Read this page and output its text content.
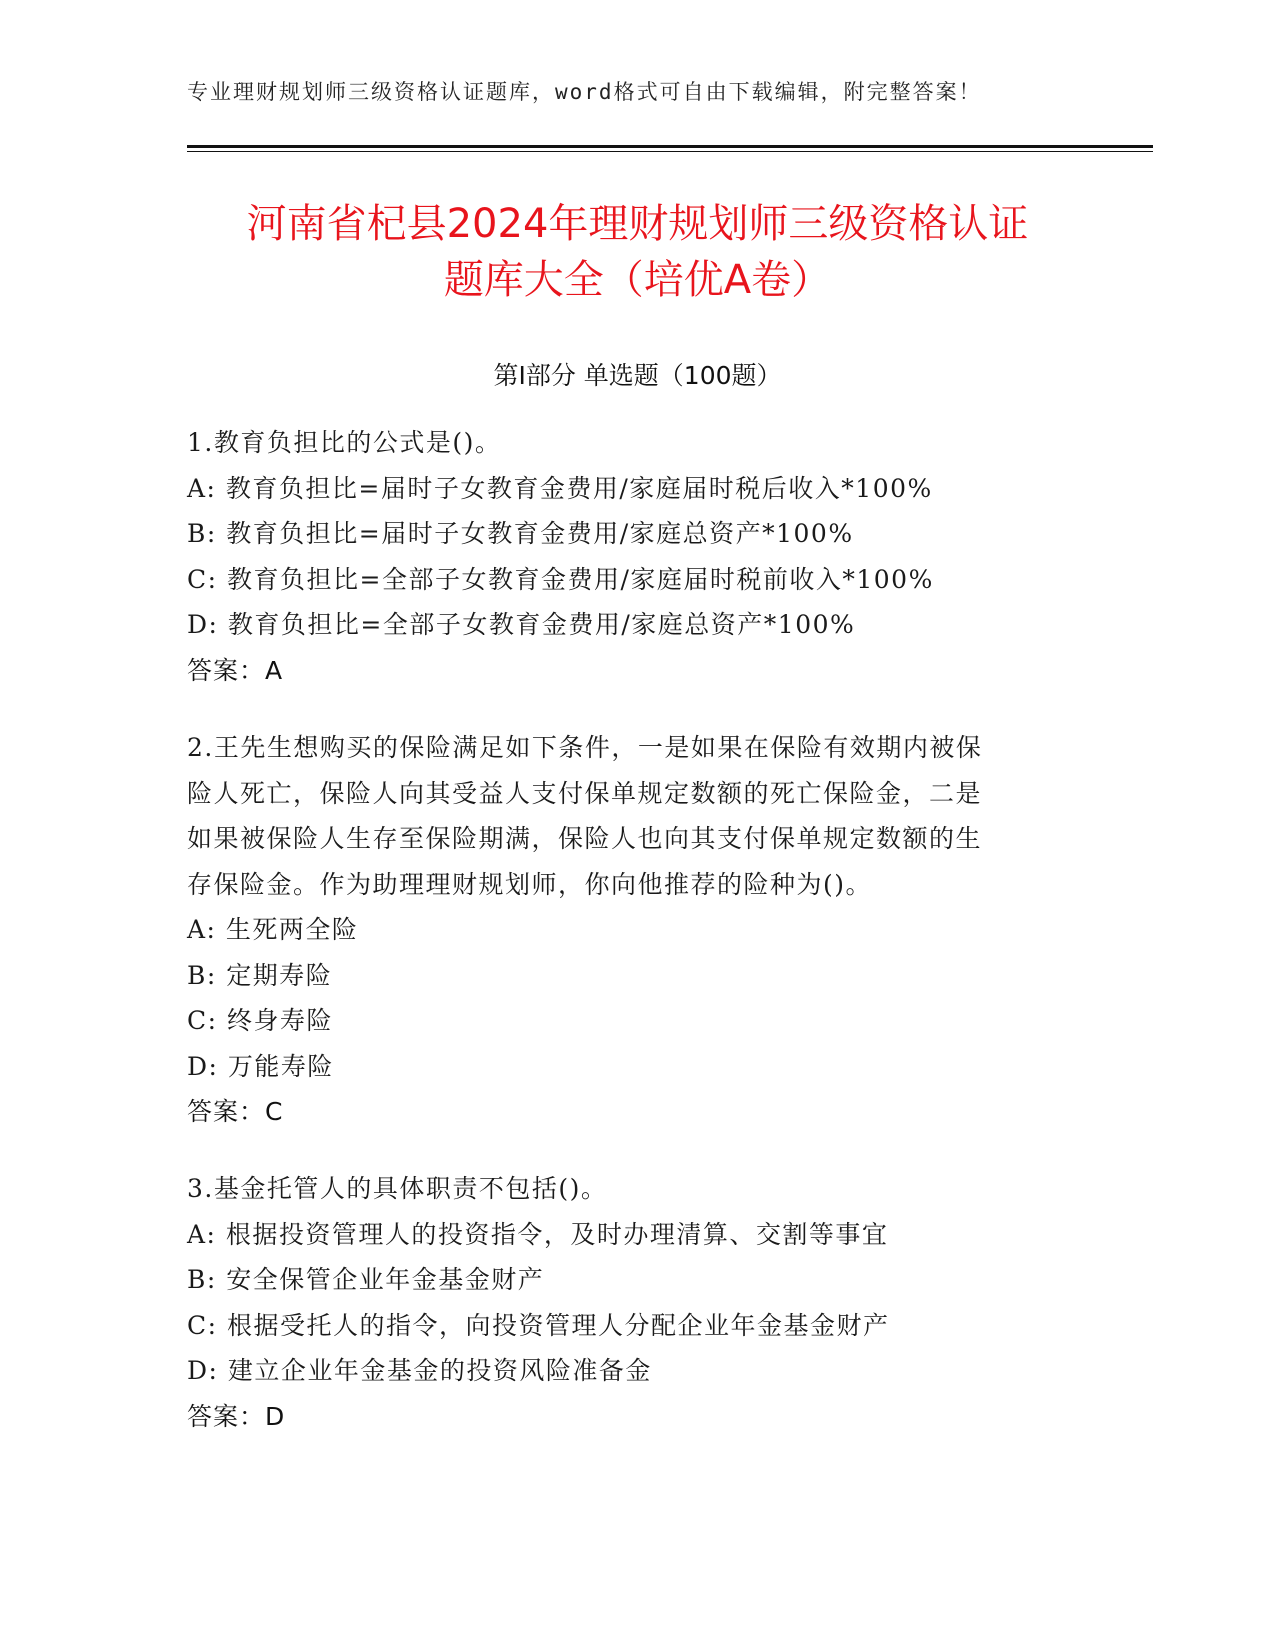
专业理财规划师三级资格认证题库，word格式可自由下载编辑，附完整答案！
河南省杞县2024年理财规划师三级资格认证
题库大全（培优A卷）
第I部分 单选题（100题）
1.教育负担比的公式是()。
A: 教育负担比=届时子女教育金费用/家庭届时税后收入*100%
B: 教育负担比=届时子女教育金费用/家庭总资产*100%
C: 教育负担比=全部子女教育金费用/家庭届时税前收入*100%
D: 教育负担比=全部子女教育金费用/家庭总资产*100%
答案：A
2.王先生想购买的保险满足如下条件，一是如果在保险有效期内被保
险人死亡，保险人向其受益人支付保单规定数额的死亡保险金，二是
如果被保险人生存至保险期满，保险人也向其支付保单规定数额的生
存保险金。作为助理理财规划师，你向他推荐的险种为()。
A: 生死两全险
B: 定期寿险
C: 终身寿险
D: 万能寿险
答案：C
3.基金托管人的具体职责不包括()。
A: 根据投资管理人的投资指令，及时办理清算、交割等事宜
B: 安全保管企业年金基金财产
C: 根据受托人的指令，向投资管理人分配企业年金基金财产
D: 建立企业年金基金的投资风险准备金
答案：D
